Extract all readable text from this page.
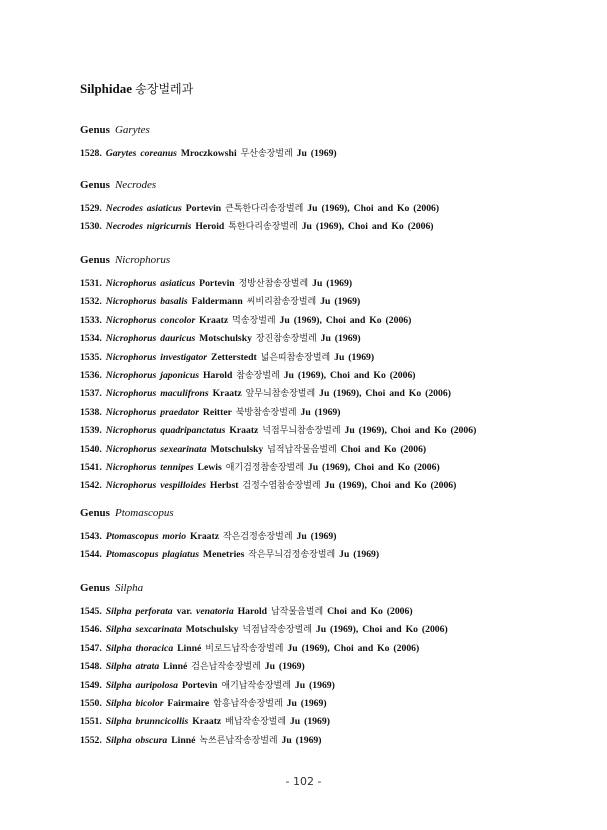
Silphidae 송장벌레과
Genus Garytes
1528. Garytes coreanus Mroczkowshi 무산송장벌레 Ju (1969)
Genus Necrodes
1529. Necrodes asiaticus Portevin 큰톡한다리송장벌레 Ju (1969), Choi and Ko (2006)
1530. Necrodes nigricurnis Heroid 톡한다리송장벌레 Ju (1969), Choi and Ko (2006)
Genus Nicrophorus
1531. Nicrophorus asiaticus Portevin 정방산참송장벌레 Ju (1969)
1532. Nicrophorus basalis Faldermann 씨비리참송장벌레 Ju (1969)
1533. Nicrophorus concolor Kraatz 먹송장벌레 Ju (1969), Choi and Ko (2006)
1534. Nicrophorus dauricus Motschulsky 장진참송장벌레 Ju (1969)
1535. Nicrophorus investigator Zetterstedt 넓은띠참송장벌레 Ju (1969)
1536. Nicrophorus japonicus Harold 참송장벌레 Ju (1969), Choi and Ko (2006)
1537. Nicrophorus maculifrons Kraatz 앞무늬참송장벌레 Ju (1969), Choi and Ko (2006)
1538. Nicrophorus praedator Reitter 북방참송장벌레 Ju (1969)
1539. Nicrophorus quadripanctatus Kraatz 넉점무늬참송장벌레 Ju (1969), Choi and Ko (2006)
1540. Nicrophorus sexearinata Motschulsky 넙적납작물음벌레 Choi and Ko (2006)
1541. Nicrophorus tennipes Lewis 애기검정참송장벌레 Ju (1969), Choi and Ko (2006)
1542. Nicrophorus vespilloides Herbst 검정수염참송장벌레 Ju (1969), Choi and Ko (2006)
Genus Ptomascopus
1543. Ptomascopus morio Kraatz 작은검정송장벌레 Ju (1969)
1544. Ptomascopus plagiatus Menetries 작은무늬검정송장벌레 Ju (1969)
Genus Silpha
1545. Silpha perforata var. venatoria Harold 납작물음벌레 Choi and Ko (2006)
1546. Silpha sexcarinata Motschulsky 넉점납작송장벌레 Ju (1969), Choi and Ko (2006)
1547. Silpha thoracica Linné 비로드납작송장벌레 Ju (1969), Choi and Ko (2006)
1548. Silpha atrata Linné 검은납작송장벌레 Ju (1969)
1549. Silpha auripolosa Portevin 애기납작송장벌레 Ju (1969)
1550. Silpha bicolor Fairmaire 함흥납작송장벌레 Ju (1969)
1551. Silpha brunncicollis Kraatz 배납작송장벌레 Ju (1969)
1552. Silpha obscura Linné 녹쓰른납작송장벌레 Ju (1969)
- 102 -
